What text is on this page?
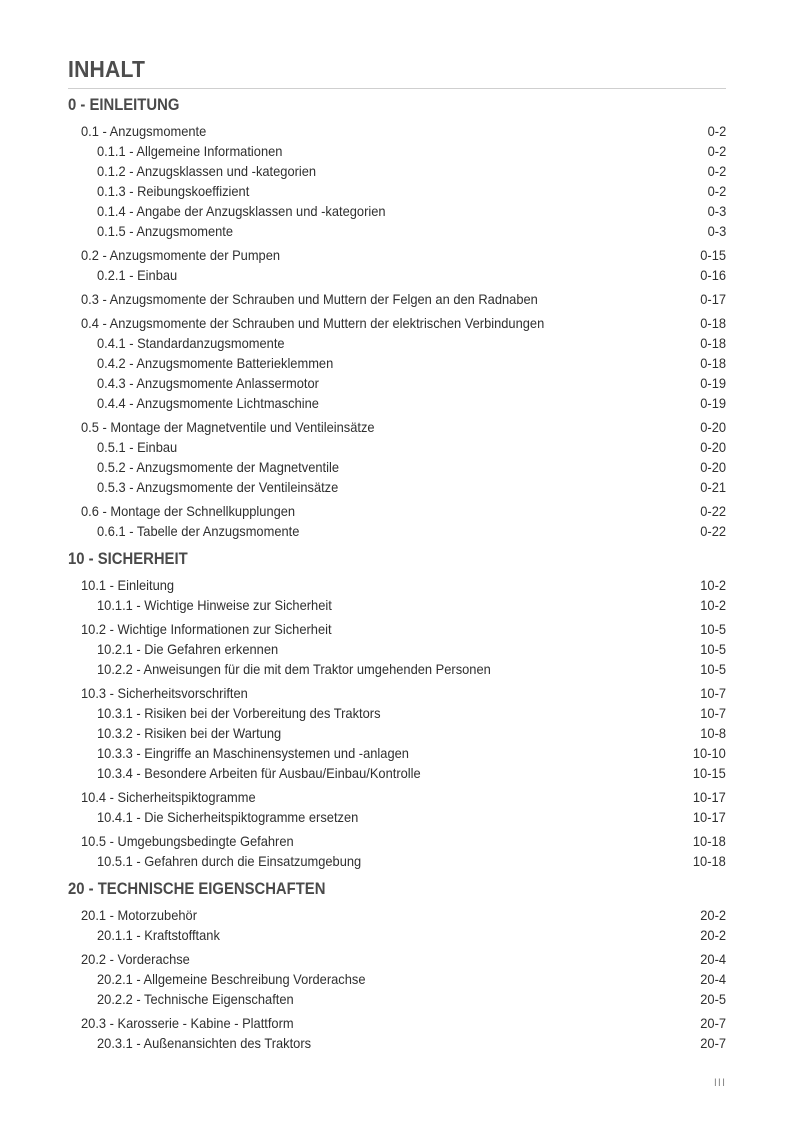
INHALT
0 - EINLEITUNG
0.1 - Anzugsmomente	0-2
0.1.1 - Allgemeine Informationen	0-2
0.1.2 - Anzugsklassen und -kategorien	0-2
0.1.3 - Reibungskoeffizient	0-2
0.1.4 - Angabe der Anzugsklassen und -kategorien	0-3
0.1.5 - Anzugsmomente	0-3
0.2 - Anzugsmomente der Pumpen	0-15
0.2.1 - Einbau	0-16
0.3 - Anzugsmomente der Schrauben und Muttern der Felgen an den Radnaben	0-17
0.4 - Anzugsmomente der Schrauben und Muttern der elektrischen Verbindungen	0-18
0.4.1 - Standardanzugsmomente	0-18
0.4.2 - Anzugsmomente Batterieklemmen	0-18
0.4.3 - Anzugsmomente Anlassermotor	0-19
0.4.4 - Anzugsmomente Lichtmaschine	0-19
0.5 - Montage der Magnetventile und Ventileinsätze	0-20
0.5.1 - Einbau	0-20
0.5.2 - Anzugsmomente der Magnetventile	0-20
0.5.3 - Anzugsmomente der Ventileinsätze	0-21
0.6 - Montage der Schnellkupplungen	0-22
0.6.1 - Tabelle der Anzugsmomente	0-22
10 - SICHERHEIT
10.1 - Einleitung	10-2
10.1.1 - Wichtige Hinweise zur Sicherheit	10-2
10.2 - Wichtige Informationen zur Sicherheit	10-5
10.2.1 - Die Gefahren erkennen	10-5
10.2.2 - Anweisungen für die mit dem Traktor umgehenden Personen	10-5
10.3 - Sicherheitsvorschriften	10-7
10.3.1 - Risiken bei der Vorbereitung des Traktors	10-7
10.3.2 - Risiken bei der Wartung	10-8
10.3.3 - Eingriffe an Maschinensystemen und -anlagen	10-10
10.3.4 - Besondere Arbeiten für Ausbau/Einbau/Kontrolle	10-15
10.4 - Sicherheitspiktogramme	10-17
10.4.1 - Die Sicherheitspiktogramme ersetzen	10-17
10.5 - Umgebungsbedingte Gefahren	10-18
10.5.1 - Gefahren durch die Einsatzumgebung	10-18
20 - TECHNISCHE EIGENSCHAFTEN
20.1 - Motorzubehör	20-2
20.1.1 - Kraftstofftank	20-2
20.2 - Vorderachse	20-4
20.2.1 - Allgemeine Beschreibung Vorderachse	20-4
20.2.2 - Technische Eigenschaften	20-5
20.3 - Karosserie - Kabine - Plattform	20-7
20.3.1 - Außenansichten des Traktors	20-7
III
